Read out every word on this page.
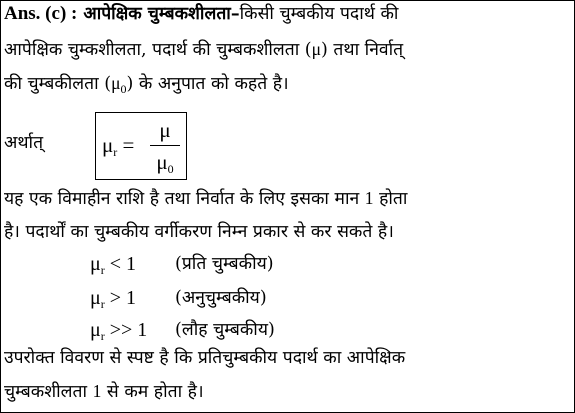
Ans. (c) : आपेक्षिक चुम्बकशीलता–किसी चुम्बकीय पदार्थ की
आपेक्षिक चुम्कशीलता, पदार्थ की चुम्बकशीलता (μ) तथा निर्वात्
की चुम्बकीलता $(\mu_0)$ के अनुपात को कहते है।
अर्थात्	$\mu_r$ =
μ
$\mu_0$
यह एक विमाहीन राशि है तथा निर्वात के लिए इसका मान 1 होता
है। पदार्थों का चुम्बकीय वर्गीकरण निम्न प्रकार से कर सकते है।
$\mu_r < 1$ (प्रति चुम्बकीय)
$\mu_r > 1$ (अनुचुम्बकीय)
$\mu_r >> 1$ (लौह चुम्बकीय)
उपरोक्त विवरण से स्पष्ट है कि प्रतिचुम्बकीय पदार्थ का आपेक्षिक
चुम्बकशीलता 1 से कम होता है।
